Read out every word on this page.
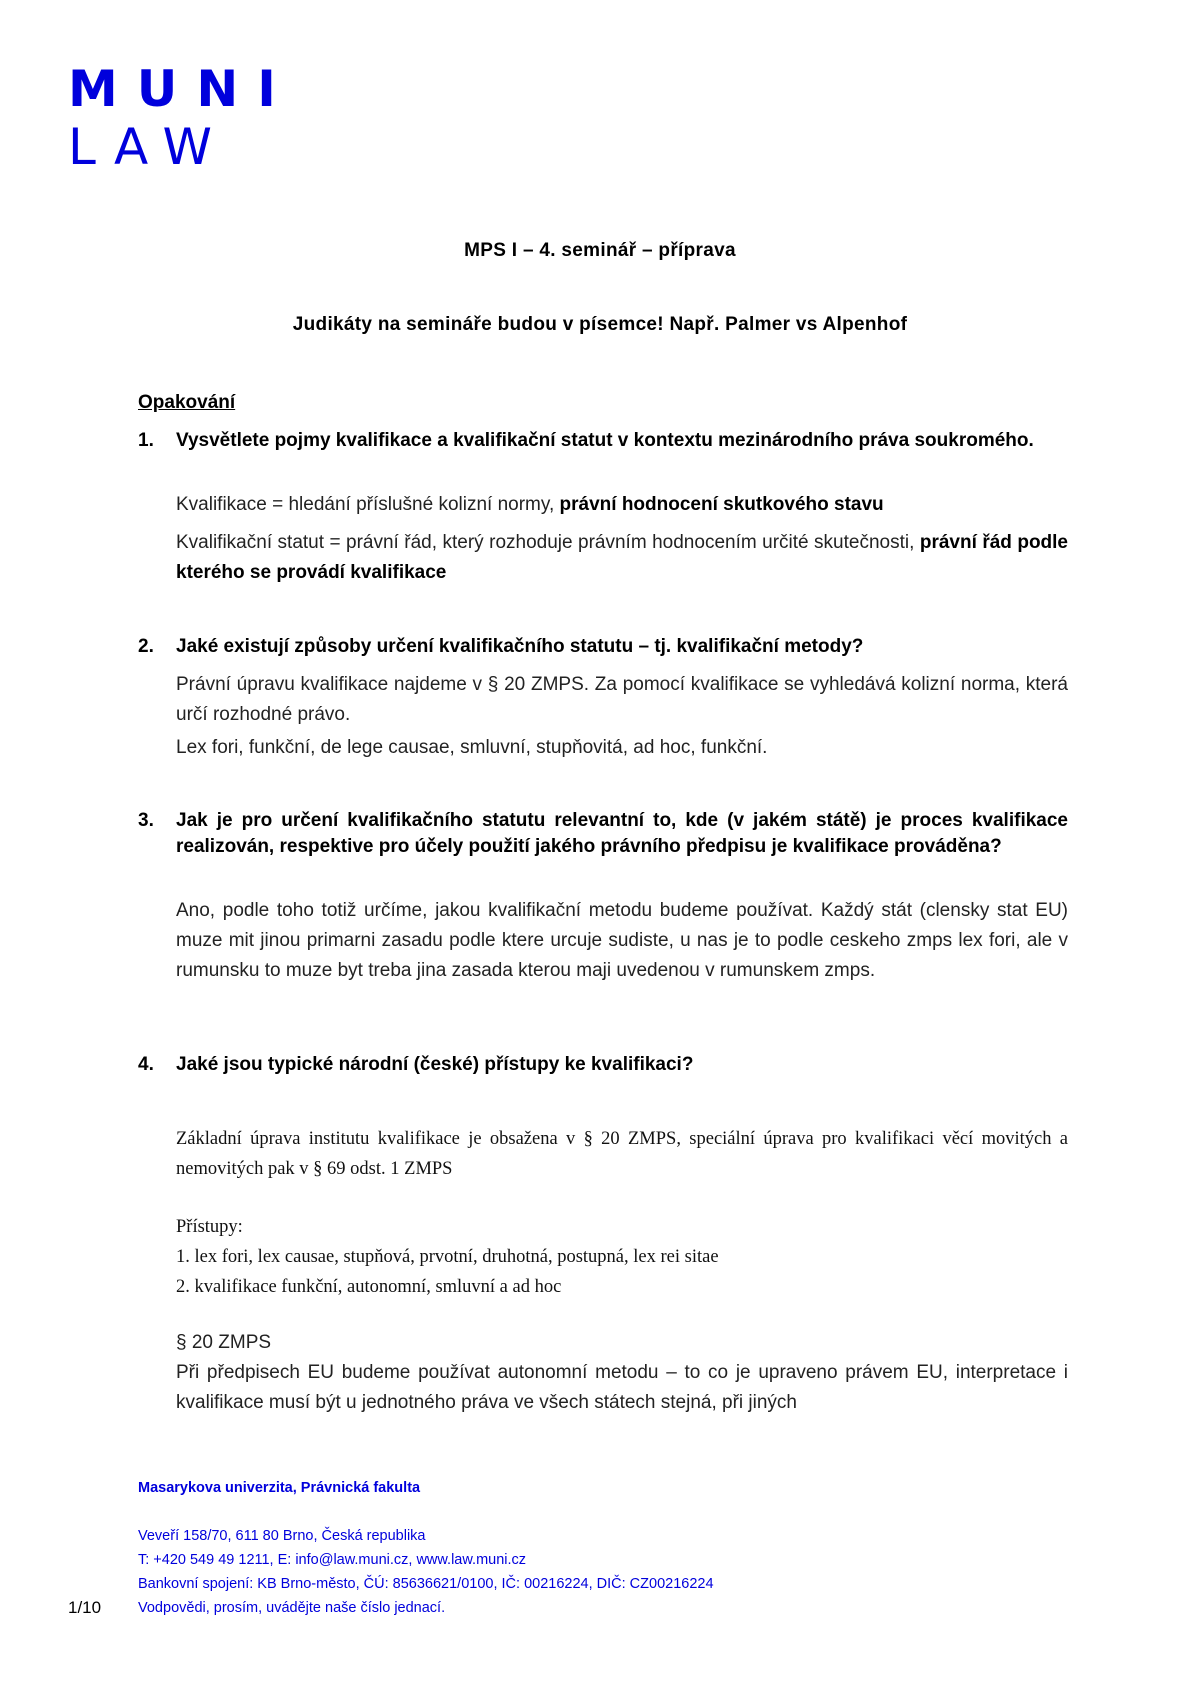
MUNI
LAW
MPS I – 4. seminář – příprava
Judikáty na semináře budou v písemce! Např. Palmer vs Alpenhof
Opakování
1. Vysvětlete pojmy kvalifikace a kvalifikační statut v kontextu mezinárodního práva soukromého.
Kvalifikace = hledání příslušné kolizní normy, právní hodnocení skutkového stavu
Kvalifikační statut = právní řád, který rozhoduje právním hodnocením určité skutečnosti, právní řád podle kterého se provádí kvalifikace
2. Jaké existují způsoby určení kvalifikačního statutu – tj. kvalifikační metody?
Právní úpravu kvalifikace najdeme v § 20 ZMPS. Za pomocí kvalifikace se vyhledává kolizní norma, která určí rozhodné právo.
Lex fori, funkční, de lege causae, smluvní, stupňovitá, ad hoc, funkční.
3. Jak je pro určení kvalifikačního statutu relevantní to, kde (v jakém státě) je proces kvalifikace realizován, respektive pro účely použití jakého právního předpisu je kvalifikace prováděna?
Ano, podle toho totiž určíme, jakou kvalifikační metodu budeme používat. Každý stát (clensky stat EU) muze mit jinou primarni zasadu podle ktere urcuje sudiste, u nas je to podle ceskeho zmps lex fori, ale v rumunsku to muze byt treba jina zasada kterou maji uvedenou v rumunskem zmps.
4. Jaké jsou typické národní (české) přístupy ke kvalifikaci?
Základní úprava institutu kvalifikace je obsažena v § 20 ZMPS, speciální úprava pro kvalifikaci věcí movitých a nemovitých pak v § 69 odst. 1 ZMPS
Přístupy:
1. lex fori, lex causae, stupňová, prvotní, druhotná, postupná, lex rei sitae
2. kvalifikace funkční, autonomní, smluvní a ad hoc
§ 20 ZMPS
Při předpisech EU budeme používat autonomní metodu – to co je upraveno právem EU, interpretace i kvalifikace musí být u jednotného práva ve všech státech stejná, při jiných
Masarykova univerzita, Právnická fakulta
Veveří 158/70, 611 80 Brno, Česká republika
T: +420 549 49 1211, E: info@law.muni.cz, www.law.muni.cz
Bankovní spojení: KB Brno-město, ČÚ: 85636621/0100, IČ: 00216224, DIČ: CZ00216224
Vodpovědi, prosím, uvádějte naše číslo jednací.
1/10
